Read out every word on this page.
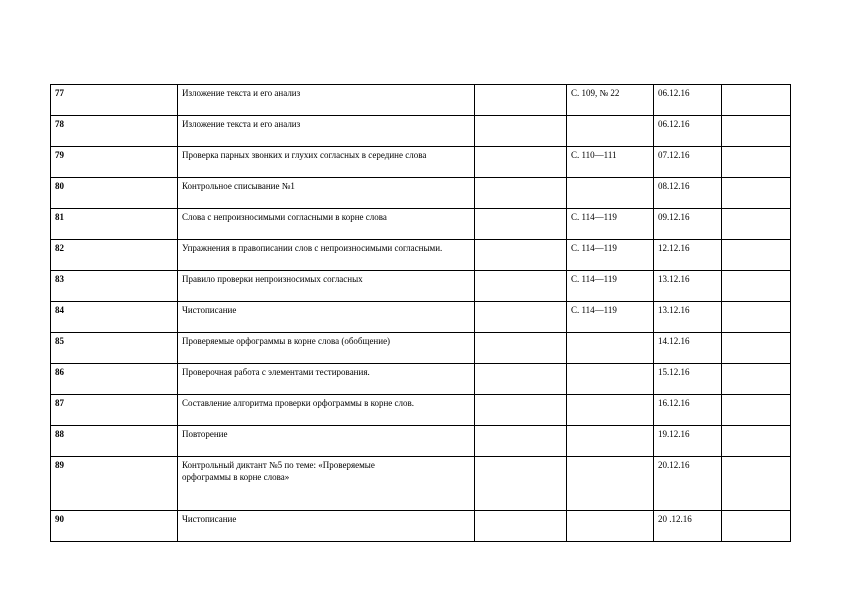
77	Изложение текста и его анализ		С. 109, № 22	06.12.16	
78	Изложение текста и его анализ			06.12.16	
79	Проверка парных звонких и глухих согласных в середине слова		С. 110—111	07.12.16	
80	Контрольное списывание №1			08.12.16	
81	Слова с непроизносимыми согласными в корне слова		С. 114—119	09.12.16	
82	Упражнения в правописании слов с непроизносимыми согласными.		С. 114—119	12.12.16	
83	Правило проверки непроизносимых согласных		С. 114—119	13.12.16	
84	Чистописание		С. 114—119	13.12.16	
85	Проверяемые орфограммы в корне слова (обобщение)			14.12.16	
86	Проверочная работа с элементами тестирования.			15.12.16	
87	Составление алгоритма проверки орфограммы в корне слов.			16.12.16	
88	Повторение			19.12.16	
89	Контрольный диктант №5 по теме: «Проверяемые
орфограммы в корне слова»			20.12.16	
90	Чистописание			20 .12.16	
